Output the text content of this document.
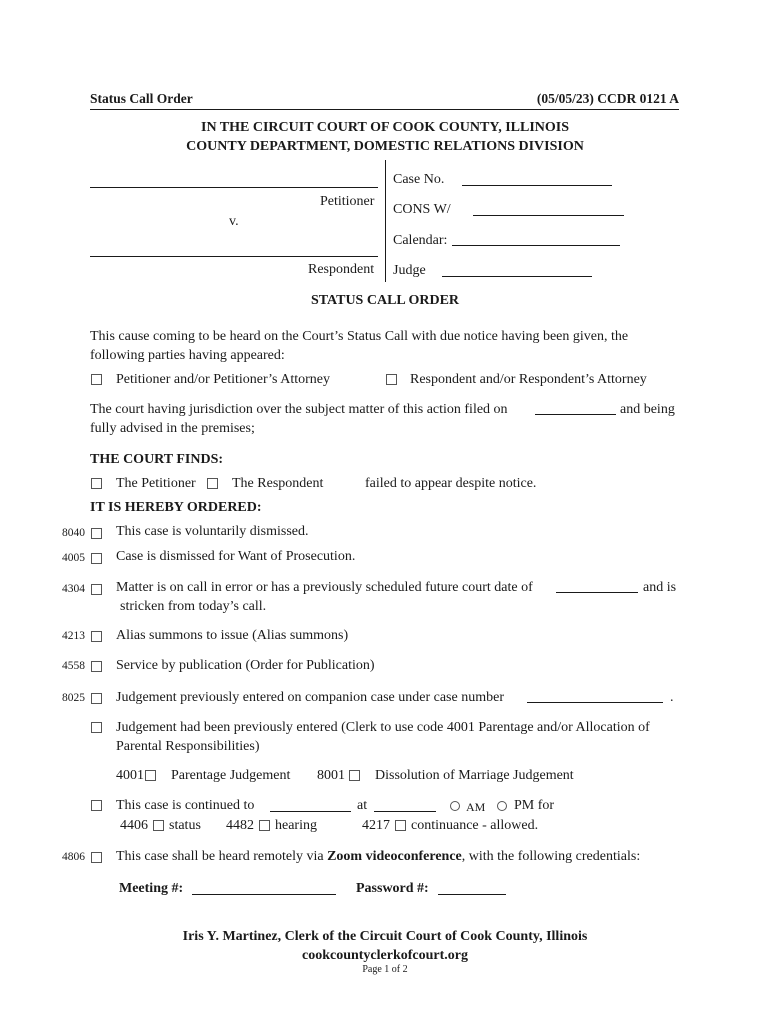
Status Call Order	(05/05/23) CCDR 0121 A
IN THE CIRCUIT COURT OF COOK COUNTY, ILLINOIS
COUNTY DEPARTMENT, DOMESTIC RELATIONS DIVISION
Petitioner
v.
Respondent
Case No.
CONS W/
Calendar:
Judge
STATUS CALL ORDER
This cause coming to be heard on the Court’s Status Call with due notice having been given, the
following parties having appeared:
Petitioner and/or Petitioner’s Attorney	Respondent and/or Respondent’s Attorney
The court having jurisdiction over the subject matter of this action filed on	and being
fully advised in the premises;
THE COURT FINDS:
The Petitioner	The Respondent	failed to appear despite notice.
IT IS HEREBY ORDERED:
8040 This case is voluntarily dismissed.
4005 Case is dismissed for Want of Prosecution.
4304 Matter is on call in error or has a previously scheduled future court date of	and is
stricken from today’s call.
4213 Alias summons to issue (Alias summons)
4558 Service by publication (Order for Publication)
8025 Judgement previously entered on companion case under case number	.
Judgement had been previously entered (Clerk to use code 4001 Parentage and/or Allocation of
Parental Responsibilities)
4001 Parentage Judgement 8001 Dissolution of Marriage Judgement
This case is continued to	at	AM PM for
4406 status 4482 hearing	4217 continuance - allowed.
4806 This case shall be heard remotely via Zoom videoconference, with the following credentials:
Meeting #:	Password #:
Iris Y. Martinez, Clerk of the Circuit Court of Cook County, Illinois
cookcountyclerkofcourt.org
Page 1 of 2
